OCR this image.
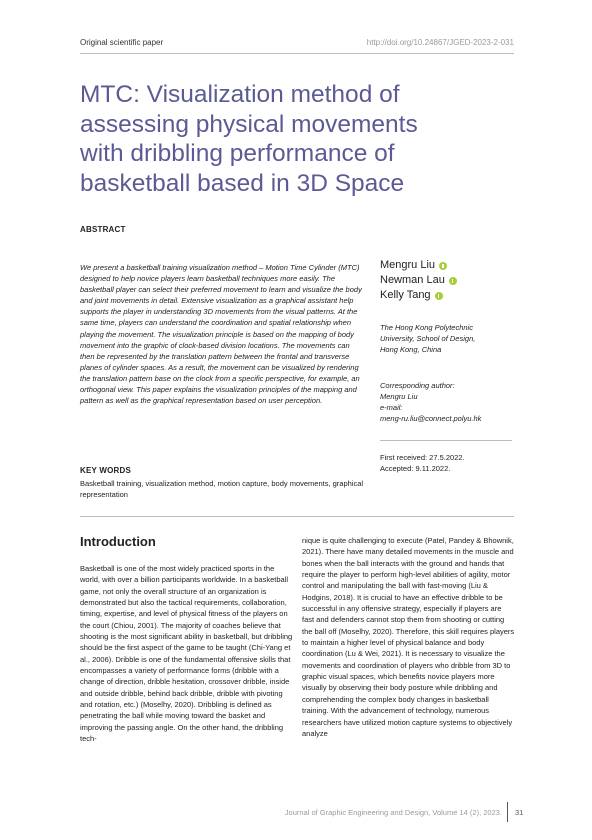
Original scientific paper	http://doi.org/10.24867/JGED-2023-2-031
MTC: Visualization method of assessing physical movements with dribbling performance of basketball based in 3D Space
ABSTRACT

We present a basketball training visualization method – Motion Time Cylinder (MTC) designed to help novice players learn basketball techniques more easily. The basketball player can select their preferred movement to learn and visualize the body and joint movements in detail. Extensive visualization as a graphical assistant help supports the player in understanding 3D movements from the visual patterns. At the same time, players can understand the coordination and spatial relationship when playing the movement. The visualization principle is based on the mapping of body movement into the graphic of clock-based division locations. The movements can then be represented by the translation pattern between the frontal and transverse planes of cylinder spaces. As a result, the movement can be visualized by rendering the translation pattern base on the clock from a specific perspective, for example, an orthogonal view. This paper explains the visualization principles of the mapping and pattern as well as the graphical representation based on user perception.

Mengru Liu
Newman Lau
Kelly Tang
The Hong Kong Polytechnic
University, School of Design,
Hong Kong, China
Corresponding author:
Mengru Liu
e-mail:
meng-ru.liu@connect.polyu.hk
First received: 27.5.2022.
Accepted: 9.11.2022.
KEY WORDS
Basketball training, visualization method, motion capture, body movements, graphical representation
Introduction

Basketball is one of the most widely practiced sports in the world, with over a billion participants worldwide. In a basketball game, not only the overall structure of an organization is demonstrated but also the tactical requirements, collaboration, timing, expertise, and level of physical fitness of the players on the court (Chiou, 2001). The majority of coaches believe that shooting is the most significant ability in basketball, but dribbling should be the first aspect of the game to be taught (Chi-Yang et al., 2006). Dribble is one of the fundamental offensive skills that encompasses a variety of performance forms (dribble with a change of direction, dribble hesitation, crossover dribble, inside and outside dribble, behind back dribble, dribble with pivoting and rotation, etc.) (Moselhy, 2020). Dribbling is defined as penetrating the ball while moving toward the basket and improving the passing angle. On the other hand, the dribbling tech-

nique is quite challenging to execute (Patel, Pandey & Bhownik, 2021). There have many detailed movements in the muscle and bones when the ball interacts with the ground and hands that require the player to perform high-level abilities of agility, motor control and manipulating the ball with fast-moving (Liu & Hodgins, 2018). It is crucial to have an effective dribble to be successful in any offensive strategy, especially if players are fast and defenders cannot stop them from shooting or cutting the ball off (Moselhy, 2020). Therefore, this skill requires players to maintain a higher level of physical balance and body coordination (Lu & Wei, 2021). It is necessary to visualize the movements and coordination of players who dribble from 3D to graphic visual spaces, which benefits novice players more visually by observing their body posture while dribbling and comprehending the complex body changes in basketball training. With the advancement of technology, numerous researchers have utilized motion capture systems to objectively analyze

Journal of Graphic Engineering and Design, Volume 14 (2), 2023. 31
